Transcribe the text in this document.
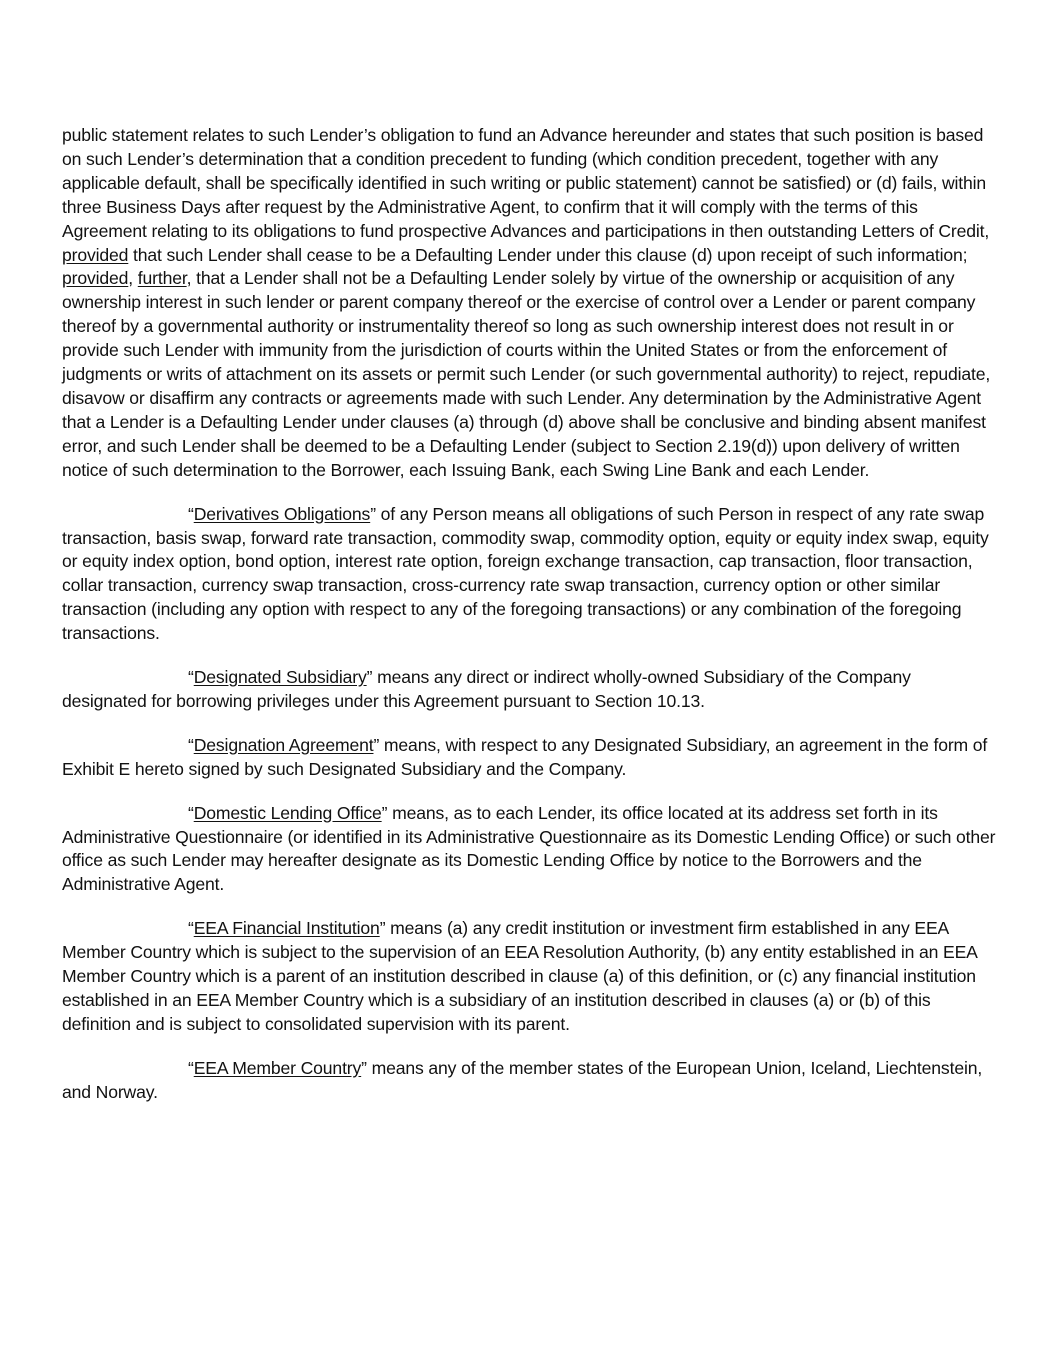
public statement relates to such Lender’s obligation to fund an Advance hereunder and states that such position is based on such Lender’s determination that a condition precedent to funding (which condition precedent, together with any applicable default, shall be specifically identified in such writing or public statement) cannot be satisfied) or (d) fails, within three Business Days after request by the Administrative Agent, to confirm that it will comply with the terms of this Agreement relating to its obligations to fund prospective Advances and participations in then outstanding Letters of Credit, provided that such Lender shall cease to be a Defaulting Lender under this clause (d) upon receipt of such information; provided, further, that a Lender shall not be a Defaulting Lender solely by virtue of the ownership or acquisition of any ownership interest in such lender or parent company thereof or the exercise of control over a Lender or parent company thereof by a governmental authority or instrumentality thereof so long as such ownership interest does not result in or provide such Lender with immunity from the jurisdiction of courts within the United States or from the enforcement of judgments or writs of attachment on its assets or permit such Lender (or such governmental authority) to reject, repudiate, disavow or disaffirm any contracts or agreements made with such Lender. Any determination by the Administrative Agent that a Lender is a Defaulting Lender under clauses (a) through (d) above shall be conclusive and binding absent manifest error, and such Lender shall be deemed to be a Defaulting Lender (subject to Section 2.19(d)) upon delivery of written notice of such determination to the Borrower, each Issuing Bank, each Swing Line Bank and each Lender.

“Derivatives Obligations” of any Person means all obligations of such Person in respect of any rate swap transaction, basis swap, forward rate transaction, commodity swap, commodity option, equity or equity index swap, equity or equity index option, bond option, interest rate option, foreign exchange transaction, cap transaction, floor transaction, collar transaction, currency swap transaction, cross-currency rate swap transaction, currency option or other similar transaction (including any option with respect to any of the foregoing transactions) or any combination of the foregoing transactions.

“Designated Subsidiary” means any direct or indirect wholly-owned Subsidiary of the Company designated for borrowing privileges under this Agreement pursuant to Section 10.13.

“Designation Agreement” means, with respect to any Designated Subsidiary, an agreement in the form of Exhibit E hereto signed by such Designated Subsidiary and the Company.

“Domestic Lending Office” means, as to each Lender, its office located at its address set forth in its Administrative Questionnaire (or identified in its Administrative Questionnaire as its Domestic Lending Office) or such other office as such Lender may hereafter designate as its Domestic Lending Office by notice to the Borrowers and the Administrative Agent.

“EEA Financial Institution” means (a) any credit institution or investment firm established in any EEA Member Country which is subject to the supervision of an EEA Resolution Authority, (b) any entity established in an EEA Member Country which is a parent of an institution described in clause (a) of this definition, or (c) any financial institution established in an EEA Member Country which is a subsidiary of an institution described in clauses (a) or (b) of this definition and is subject to consolidated supervision with its parent.

“EEA Member Country” means any of the member states of the European Union, Iceland, Liechtenstein, and Norway.
